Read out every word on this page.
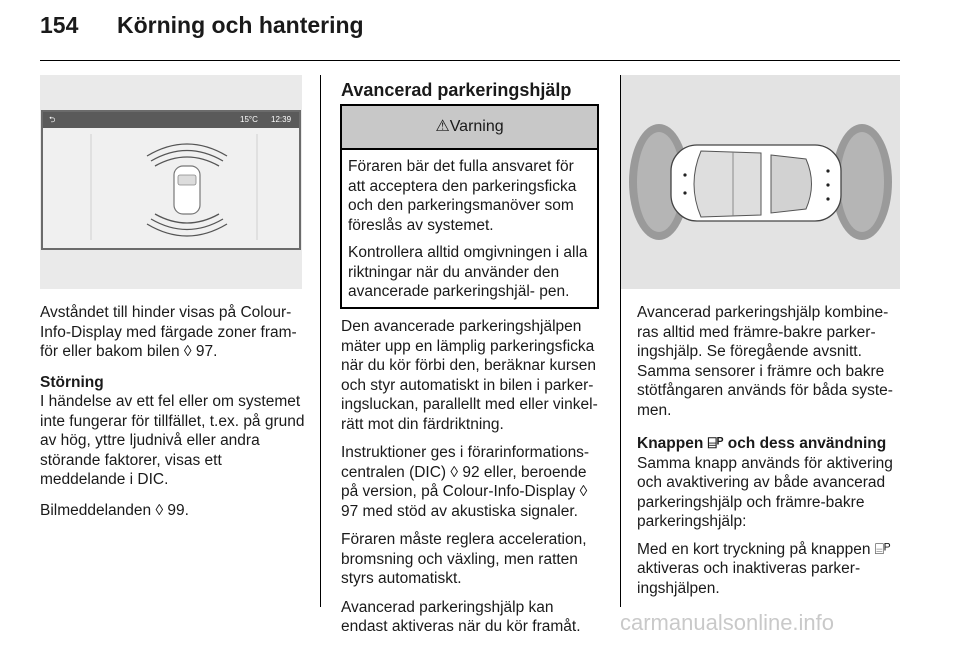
154 Körning och hantering
⮌	15°C 12:39

Avståndet till hinder visas på Colour-Info-Display med färgade zoner fram- för eller bakom bilen ◊ 97.

Störning

I händelse av ett fel eller om systemet inte fungerar för tillfället, t.ex. på grund av hög, yttre ljudnivå eller andra störande faktorer, visas ett meddelande i DIC.

Bilmeddelanden ◊ 99.

Avancerad parkeringshjälp
⚠Varning

Föraren bär det fulla ansvaret för att acceptera den parkeringsficka och den parkeringsmanöver som föreslås av systemet.

Kontrollera alltid omgivningen i alla riktningar när du använder den avancerade parkeringshjäl- pen.

Den avancerade parkeringshjälpen mäter upp en lämplig parkeringsficka när du kör förbi den, beräknar kursen och styr automatiskt in bilen i parker- ingsluckan, parallellt med eller vinkel- rätt mot din färdriktning.

Instruktioner ges i förarinformations- centralen (DIC) ◊ 92 eller, beroende på version, på Colour-Info-Display ◊ 97 med stöd av akustiska signaler.

Föraren måste reglera acceleration, bromsning och växling, men ratten styrs automatiskt.

Avancerad parkeringshjälp kan endast aktiveras när du kör framåt.

Avancerad parkeringshjälp kombine- ras alltid med främre-bakre parker- ingshjälp. Se föregående avsnitt. Samma sensorer i främre och bakre stötfångaren används för båda syste- men.

Knappen ⌸ᴾ och dess användning

Samma knapp används för aktivering och avaktivering av både avancerad parkeringshjälp och främre-bakre parkeringshjälp:

Med en kort tryckning på knappen ⌸ᴾ aktiveras och inaktiveras parker- ingshjälpen.

carmanualsonline.info
